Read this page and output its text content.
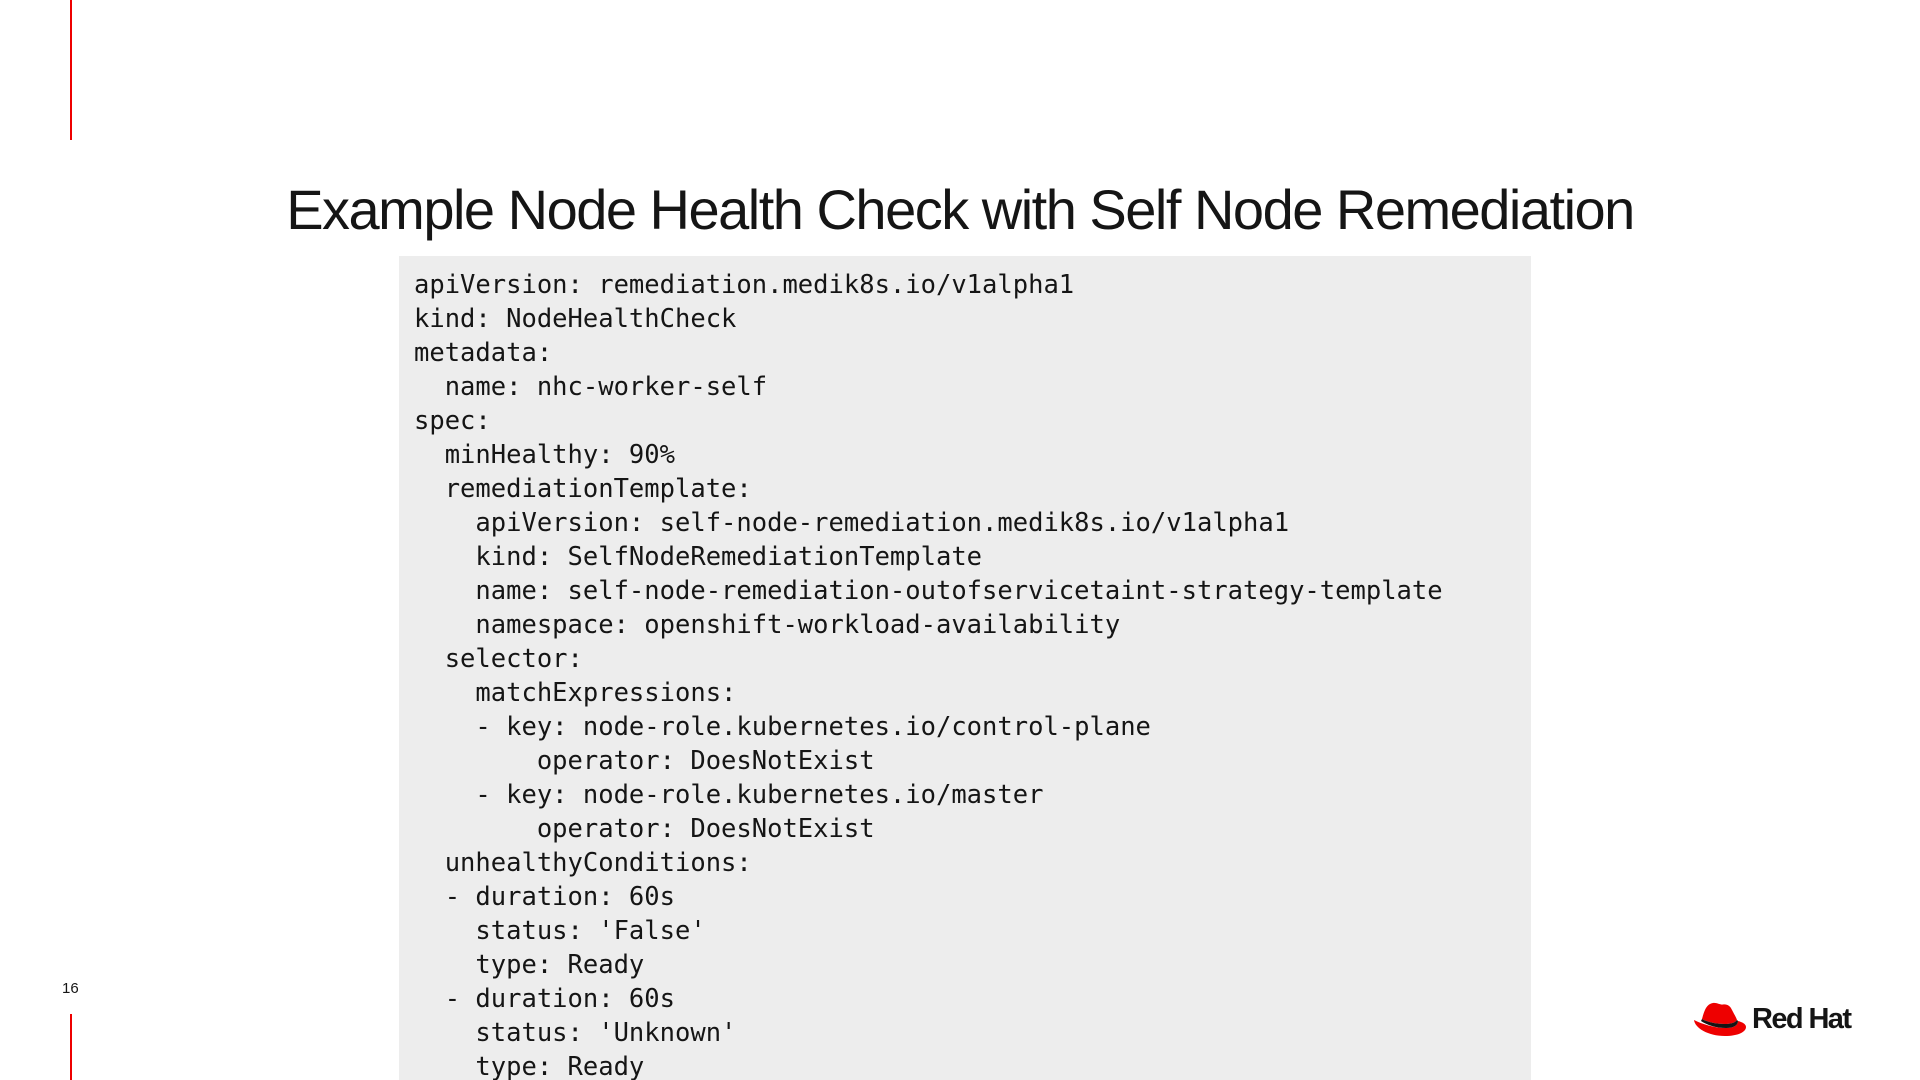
Example Node Health Check with Self Node Remediation
apiVersion: remediation.medik8s.io/v1alpha1
kind: NodeHealthCheck
metadata:
name: nhc-worker-self
spec:
minHealthy: 90%
remediationTemplate:
apiVersion: self-node-remediation.medik8s.io/v1alpha1
kind: SelfNodeRemediationTemplate
name: self-node-remediation-outofservicetaint-strategy-template
namespace: openshift-workload-availability
selector:
matchExpressions:
- key: node-role.kubernetes.io/control-plane
operator: DoesNotExist
- key: node-role.kubernetes.io/master
operator: DoesNotExist
unhealthyConditions:
- duration: 60s
status: 'False'
type: Ready
- duration: 60s
status: 'Unknown'
type: Ready
16
Red Hat
